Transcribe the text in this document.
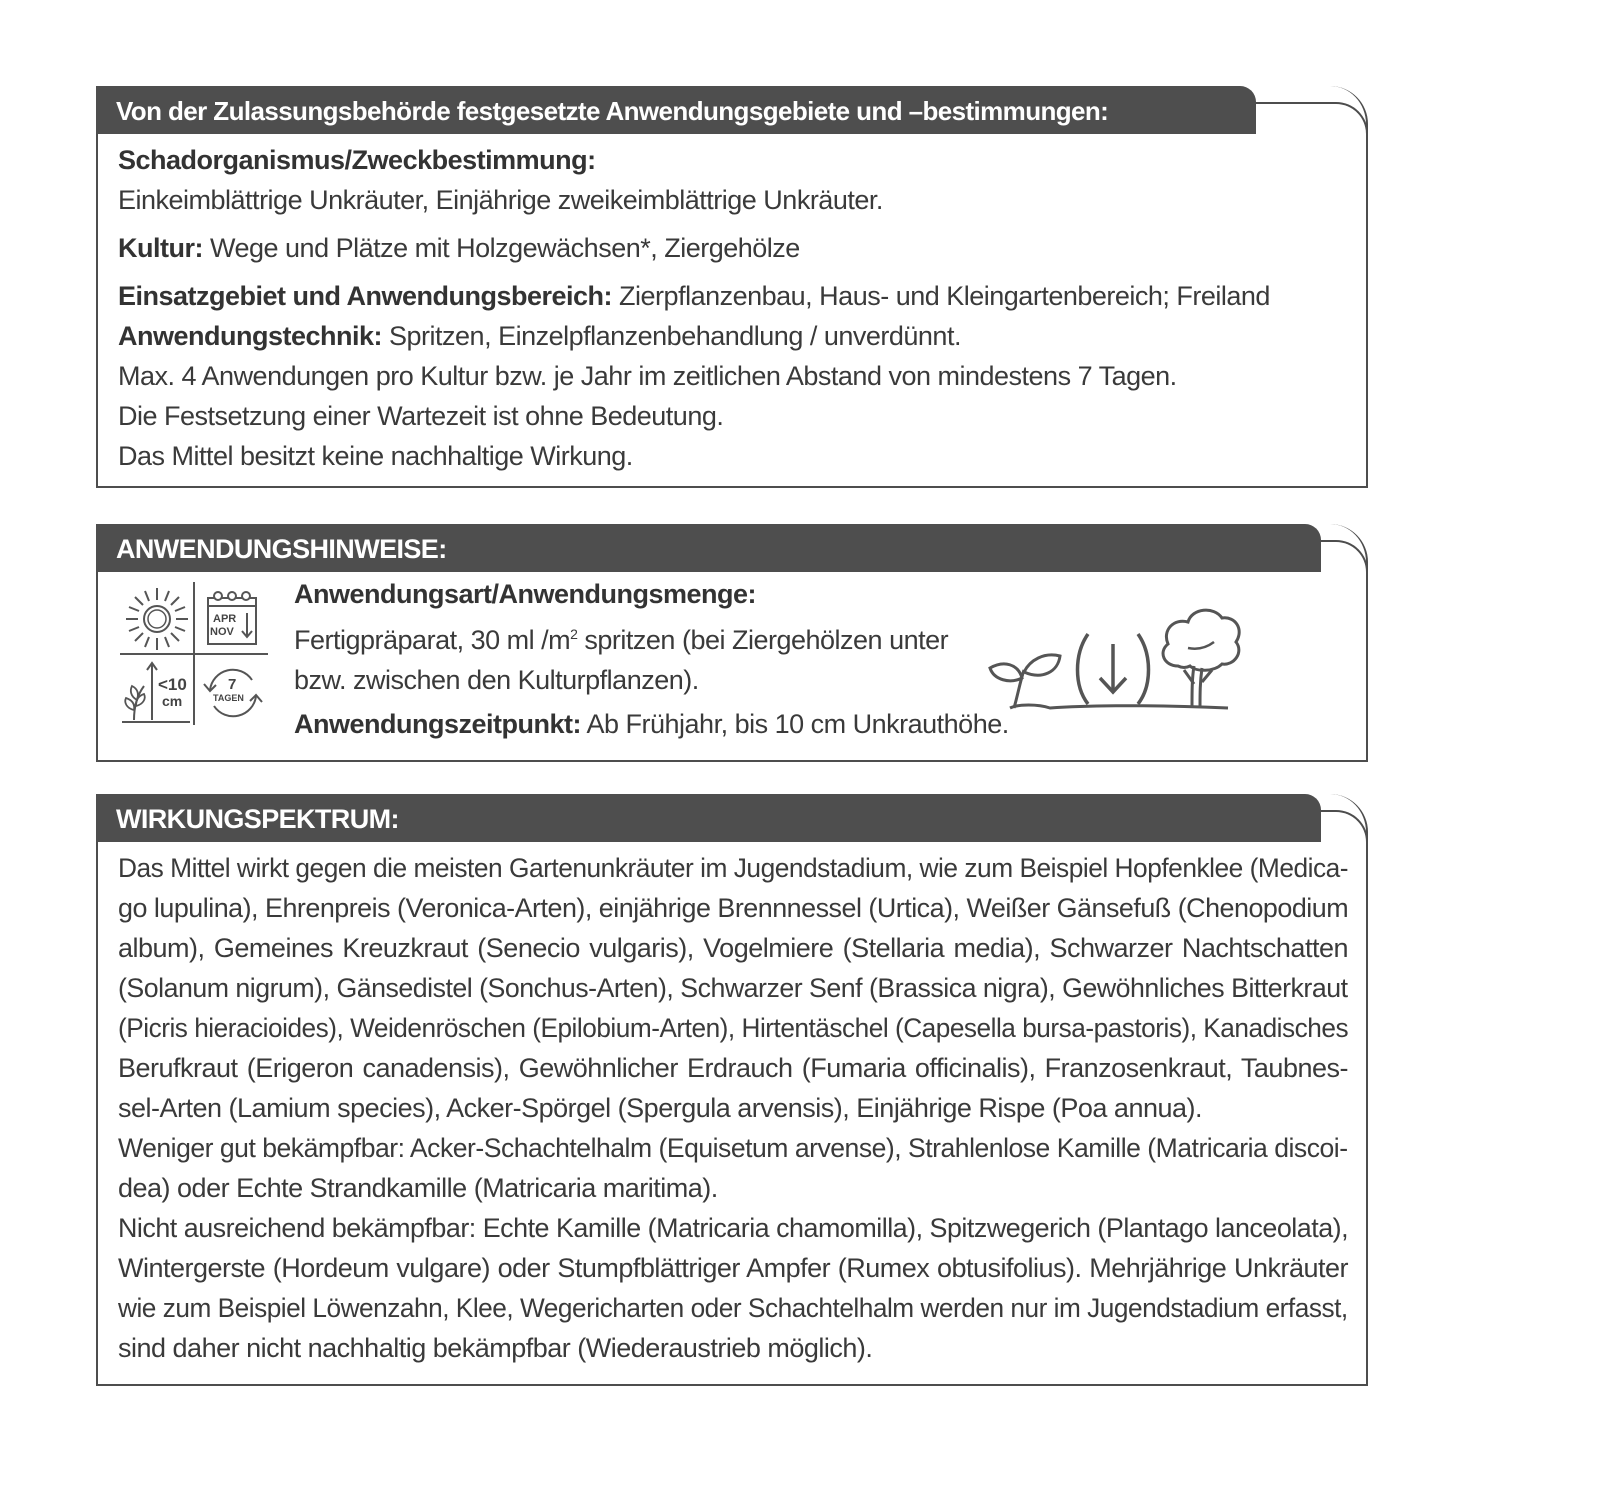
Von der Zulassungsbehörde festgesetzte Anwendungsgebiete und –bestimmungen:
Schadorganismus/Zweckbestimmung:
Einkeimblättrige Unkräuter, Einjährige zweikeimblättrige Unkräuter.
Kultur: Wege und Plätze mit Holzgewächsen*, Ziergehölze
Einsatzgebiet und Anwendungsbereich: Zierpflanzenbau, Haus- und Kleingartenbereich; Freiland
Anwendungstechnik: Spritzen, Einzelpflanzenbehandlung / unverdünnt.
Max. 4 Anwendungen pro Kultur bzw. je Jahr im zeitlichen Abstand von mindestens 7 Tagen.
Die Festsetzung einer Wartezeit ist ohne Bedeutung.
Das Mittel besitzt keine nachhaltige Wirkung.
ANWENDUNGSHINWEISE:
APR
NOV
<10
cm
7
TAGEN
Anwendungsart/Anwendungsmenge:
Fertigpräparat, 30 ml $/m^2$ spritzen (bei Ziergehölzen unter
bzw. zwischen den Kulturpflanzen).
Anwendungszeitpunkt: Ab Frühjahr, bis 10 cm Unkrauthöhe.
WIRKUNGSPEKTRUM:
Das Mittel wirkt gegen die meisten Gartenunkräuter im Jugendstadium, wie zum Beispiel Hopfenklee (Medica-
go lupulina), Ehrenpreis (Veronica-Arten), einjährige Brennnessel (Urtica), Weißer Gänsefuß (Chenopodium
album), Gemeines Kreuzkraut (Senecio vulgaris), Vogelmiere (Stellaria media), Schwarzer Nachtschatten
(Solanum nigrum), Gänsedistel (Sonchus-Arten), Schwarzer Senf (Brassica nigra), Gewöhnliches Bitterkraut
(Picris hieracioides), Weidenröschen (Epilobium-Arten), Hirtentäschel (Capesella bursa-pastoris), Kanadisches
Berufkraut (Erigeron canadensis), Gewöhnlicher Erdrauch (Fumaria officinalis), Franzosenkraut, Taubnes-
sel-Arten (Lamium species), Acker-Spörgel (Spergula arvensis), Einjährige Rispe (Poa annua).
Weniger gut bekämpfbar: Acker-Schachtelhalm (Equisetum arvense), Strahlenlose Kamille (Matricaria discoi-
dea) oder Echte Strandkamille (Matricaria maritima).
Nicht ausreichend bekämpfbar: Echte Kamille (Matricaria chamomilla), Spitzwegerich (Plantago lanceolata),
Wintergerste (Hordeum vulgare) oder Stumpfblättriger Ampfer (Rumex obtusifolius). Mehrjährige Unkräuter
wie zum Beispiel Löwenzahn, Klee, Wegericharten oder Schachtelhalm werden nur im Jugendstadium erfasst,
sind daher nicht nachhaltig bekämpfbar (Wiederaustrieb möglich).
